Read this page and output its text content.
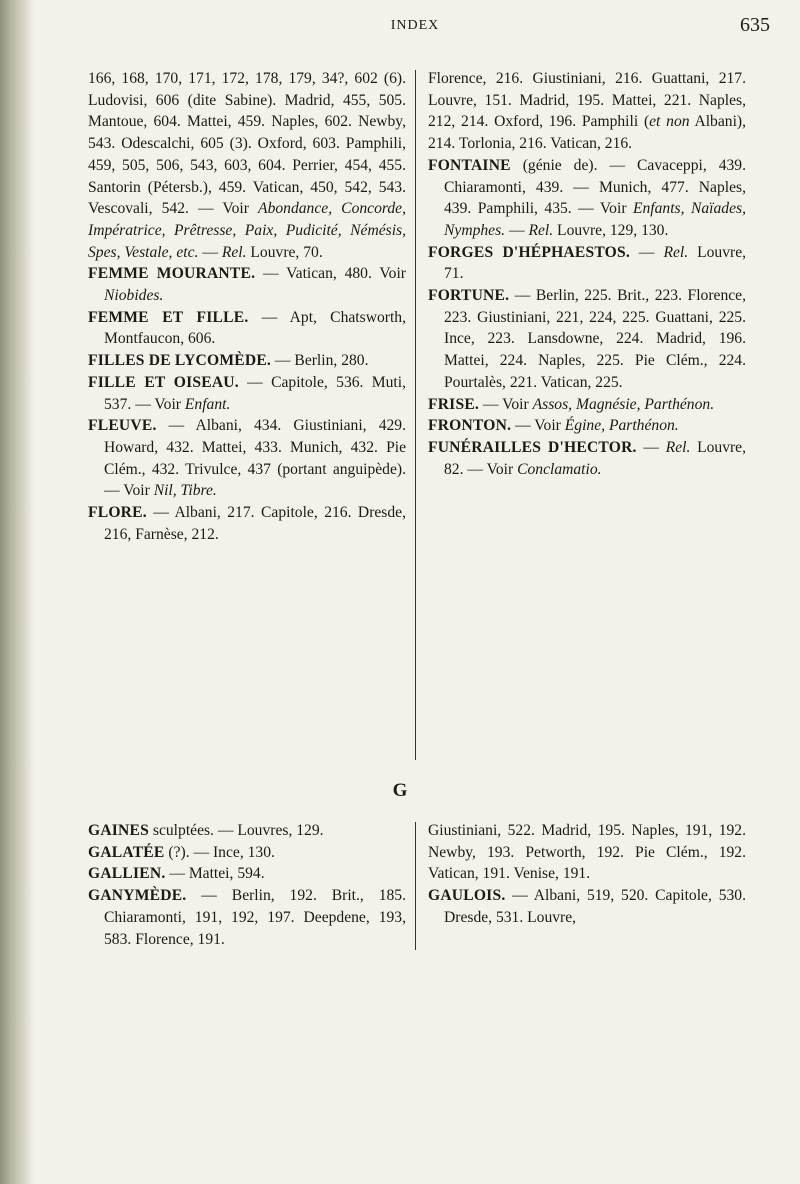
INDEX	635

166, 168, 170, 171, 172, 178, 179, 34?, 602 (6). Ludovisi, 606 (dite Sabine). Madrid, 455, 505. Mantoue, 604. Mattei, 459. Naples, 602. Newby, 543. Odescalchi, 605 (3). Oxford, 603. Pamphili, 459, 505, 506, 543, 603, 604. Perrier, 454, 455. Santorin (Pétersb.), 459. Vatican, 450, 542, 543. Vescovali, 542. — Voir Abondance, Concorde, Impératrice, Prêtresse, Paix, Pudicité, Némésis, Spes, Vestale, etc. — Rel. Louvre, 70.

FEMME MOURANTE. — Vatican, 480. Voir Niobides.

FEMME ET FILLE. — Apt, Chatsworth, Montfaucon, 606.

FILLES DE LYCOMÈDE. — Berlin, 280.

FILLE ET OISEAU. — Capitole, 536. Muti, 537. — Voir Enfant.

FLEUVE. — Albani, 434. Giustiniani, 429. Howard, 432. Mattei, 433. Munich, 432. Pie Clém., 432. Trivulce, 437 (portant anguipède). — Voir Nil, Tibre.

FLORE. — Albani, 217. Capitole, 216. Dresde, 216, Farnèse, 212.

Florence, 216. Giustiniani, 216. Guattani, 217. Louvre, 151. Madrid, 195. Mattei, 221. Naples, 212, 214. Oxford, 196. Pamphili (et non Albani), 214. Torlonia, 216. Vatican, 216.

FONTAINE (génie de). — Cavaceppi, 439. Chiaramonti, 439. — Munich, 477. Naples, 439. Pamphili, 435. — Voir Enfants, Naïades, Nymphes. — Rel. Louvre, 129, 130.

FORGES D'HÉPHAESTOS. — Rel. Louvre, 71.

FORTUNE. — Berlin, 225. Brit., 223. Florence, 223. Giustiniani, 221, 224, 225. Guattani, 225. Ince, 223. Lansdowne, 224. Madrid, 196. Mattei, 224. Naples, 225. Pie Clém., 224. Pourtalès, 221. Vatican, 225.

FRISE. — Voir Assos, Magnésie, Parthénon.

FRONTON. — Voir Égine, Parthénon.

FUNÉRAILLES D'HECTOR. — Rel. Louvre, 82. — Voir Conclamatio.

G

GAINES sculptées. — Louvres, 129.

GALATÉE (?). — Ince, 130.

GALLIEN. — Mattei, 594.

GANYMÈDE. — Berlin, 192. Brit., 185. Chiaramonti, 191, 192, 197. Deepdene, 193, 583. Florence, 191.

Giustiniani, 522. Madrid, 195. Naples, 191, 192. Newby, 193. Petworth, 192. Pie Clém., 192. Vatican, 191. Venise, 191.

GAULOIS. — Albani, 519, 520. Capitole, 530. Dresde, 531. Louvre,
